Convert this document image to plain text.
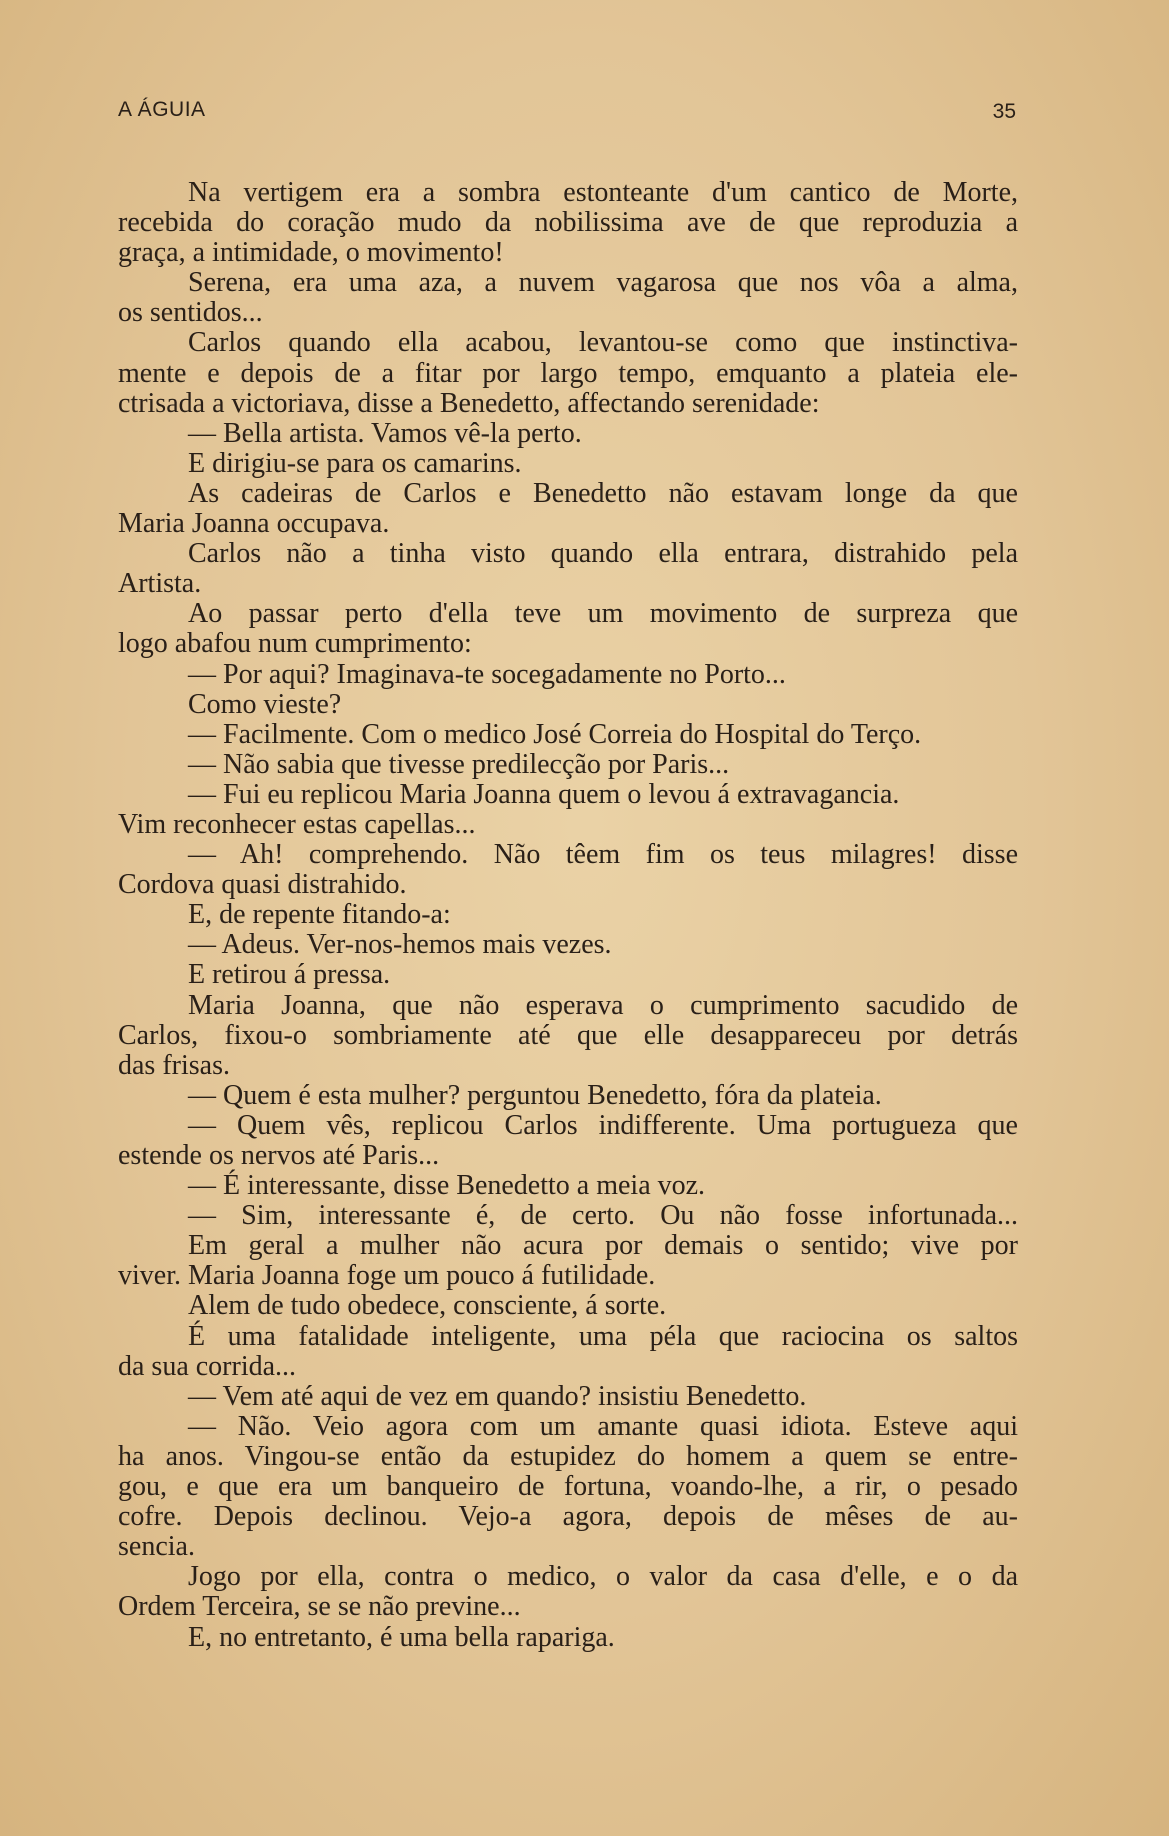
A ÁGUIA	35
Na vertigem era a sombra estonteante d'um cantico de Morte,
recebida do coração mudo da nobilissima ave de que reproduzia a
graça, a intimidade, o movimento!
Serena, era uma aza, a nuvem vagarosa que nos vôa a alma,
os sentidos...
Carlos quando ella acabou, levantou-se como que instinctiva-
mente e depois de a fitar por largo tempo, emquanto a plateia ele-
ctrisada a victoriava, disse a Benedetto, affectando serenidade:
— Bella artista. Vamos vê-la perto.
E dirigiu-se para os camarins.
As cadeiras de Carlos e Benedetto não estavam longe da que
Maria Joanna occupava.
Carlos não a tinha visto quando ella entrara, distrahido pela
Artista.
Ao passar perto d'ella teve um movimento de surpreza que
logo abafou num cumprimento:
— Por aqui? Imaginava-te socegadamente no Porto...
Como vieste?
— Facilmente. Com o medico José Correia do Hospital do Terço.
— Não sabia que tivesse predilecção por Paris...
— Fui eu replicou Maria Joanna quem o levou á extravagancia.
Vim reconhecer estas capellas...
— Ah! comprehendo. Não têem fim os teus milagres! disse
Cordova quasi distrahido.
E, de repente fitando-a:
— Adeus. Ver-nos-hemos mais vezes.
E retirou á pressa.
Maria Joanna, que não esperava o cumprimento sacudido de
Carlos, fixou-o sombriamente até que elle desappareceu por detrás
das frisas.
— Quem é esta mulher? perguntou Benedetto, fóra da plateia.
— Quem vês, replicou Carlos indifferente. Uma portugueza que
estende os nervos até Paris...
— É interessante, disse Benedetto a meia voz.
— Sim, interessante é, de certo. Ou não fosse infortunada...
Em geral a mulher não acura por demais o sentido; vive por
viver. Maria Joanna foge um pouco á futilidade.
Alem de tudo obedece, consciente, á sorte.
É uma fatalidade inteligente, uma péla que raciocina os saltos
da sua corrida...
— Vem até aqui de vez em quando? insistiu Benedetto.
— Não. Veio agora com um amante quasi idiota. Esteve aqui
ha anos. Vingou-se então da estupidez do homem a quem se entre-
gou, e que era um banqueiro de fortuna, voando-lhe, a rir, o pesado
cofre. Depois declinou. Vejo-a agora, depois de mêses de au-
sencia.
Jogo por ella, contra o medico, o valor da casa d'elle, e o da
Ordem Terceira, se se não previne...
E, no entretanto, é uma bella rapariga.
